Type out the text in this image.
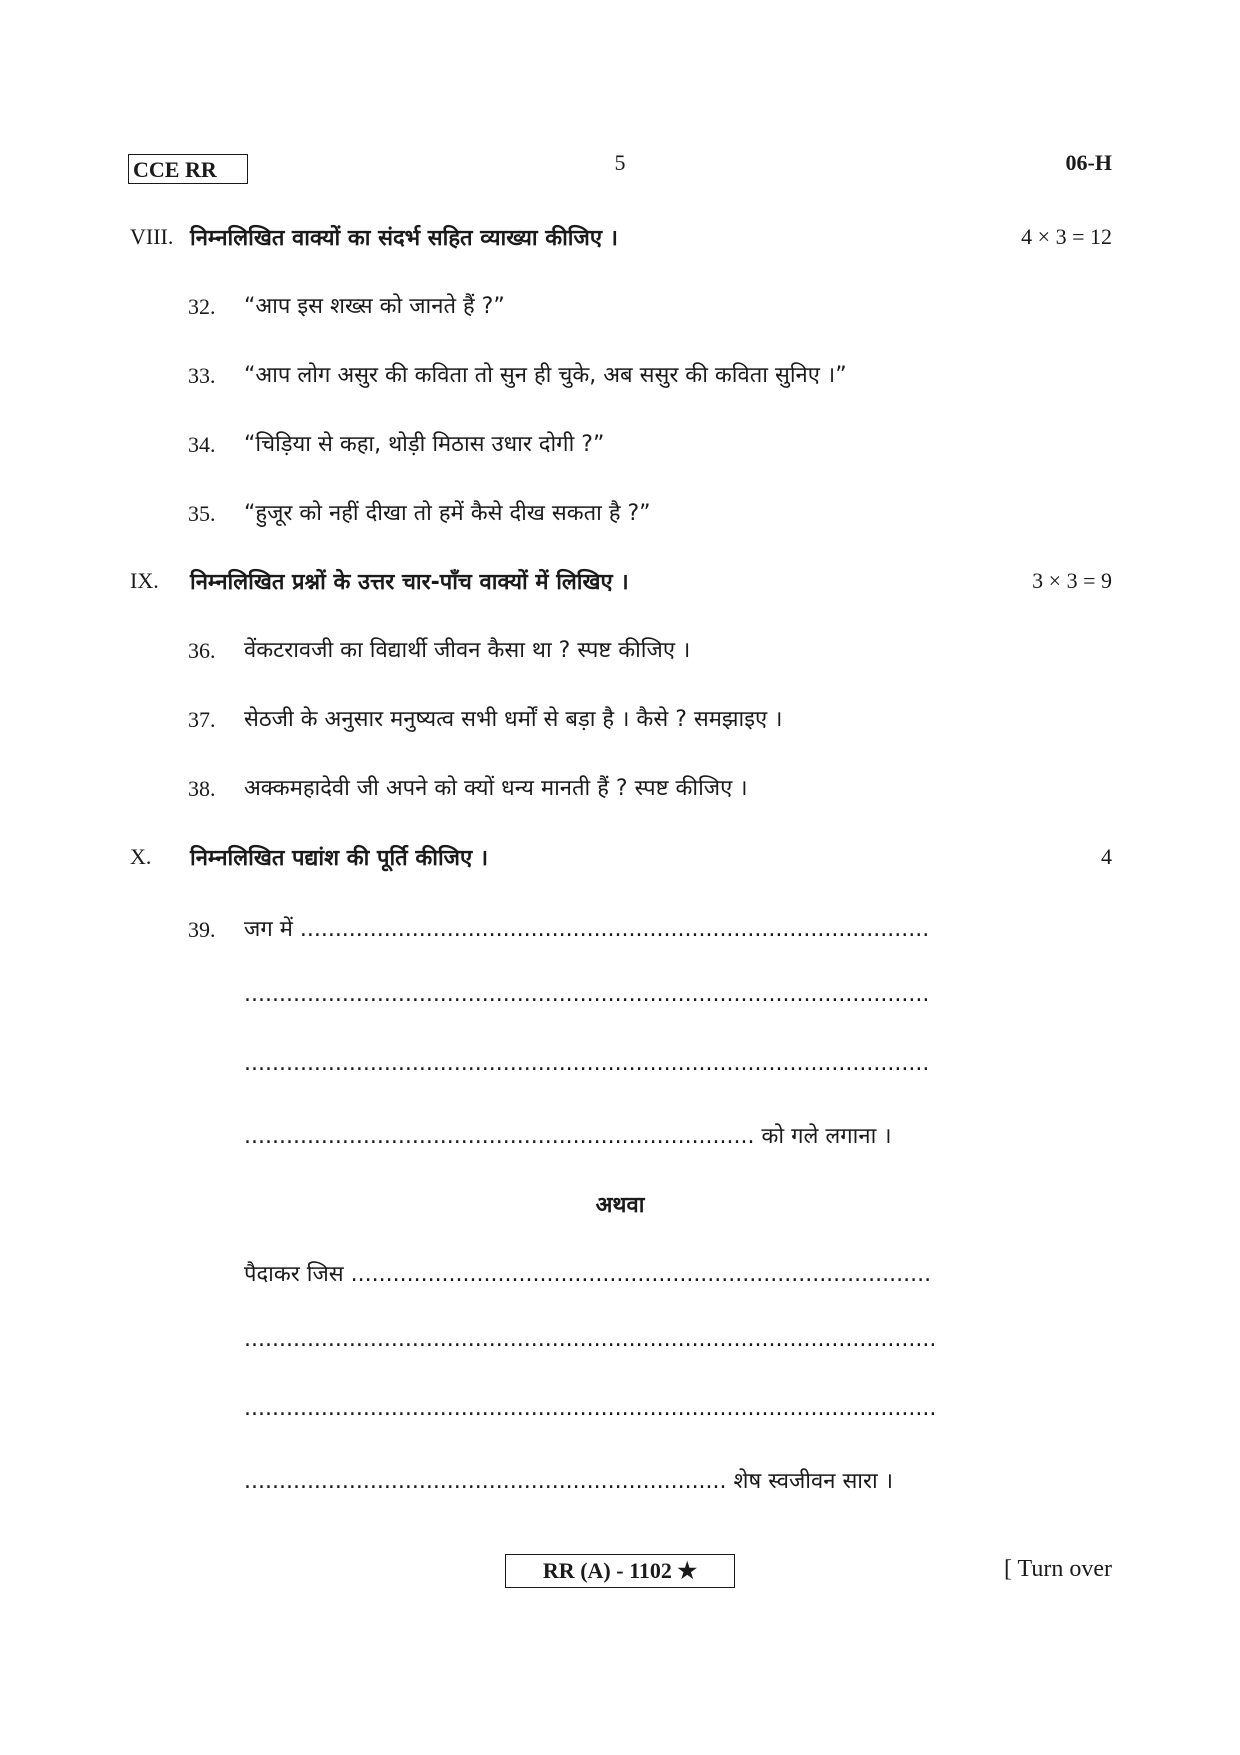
CCE RR	5	06-H
VIII. निम्नलिखित वाक्यों का संदर्भ सहित व्याख्या कीजिए ।	4 × 3 = 12
32. “आप इस शख्स को जानते हैं ?”
33. “आप लोग असुर की कविता तो सुन ही चुके, अब ससुर की कविता सुनिए ।”
34. “चिड़िया से कहा, थोड़ी मिठास उधार दोगी ?”
35. “हुजूर को नहीं दीखा तो हमें कैसे दीख सकता है ?”
IX. निम्नलिखित प्रश्नों के उत्तर चार-पाँच वाक्यों में लिखिए ।	3 × 3 = 9
36. वेंकटरावजी का विद्यार्थी जीवन कैसा था ? स्पष्ट कीजिए ।
37. सेठजी के अनुसार मनुष्यत्व सभी धर्मों से बड़ा है । कैसे ? समझाइए ।
38. अक्कमहादेवी जी अपने को क्यों धन्य मानती हैं ? स्पष्ट कीजिए ।
X. निम्नलिखित पद्यांश की पूर्ति कीजिए ।	4
39. जग में ..........................................................................................
..................................................................................................
..................................................................................................
......................................................................... को गले लगाना ।
अथवा
पैदाकर जिस ...................................................................................
...................................................................................................
...................................................................................................
..................................................................... शेष स्वजीवन सारा ।
RR (A) - 1102 ★	[ Turn over
